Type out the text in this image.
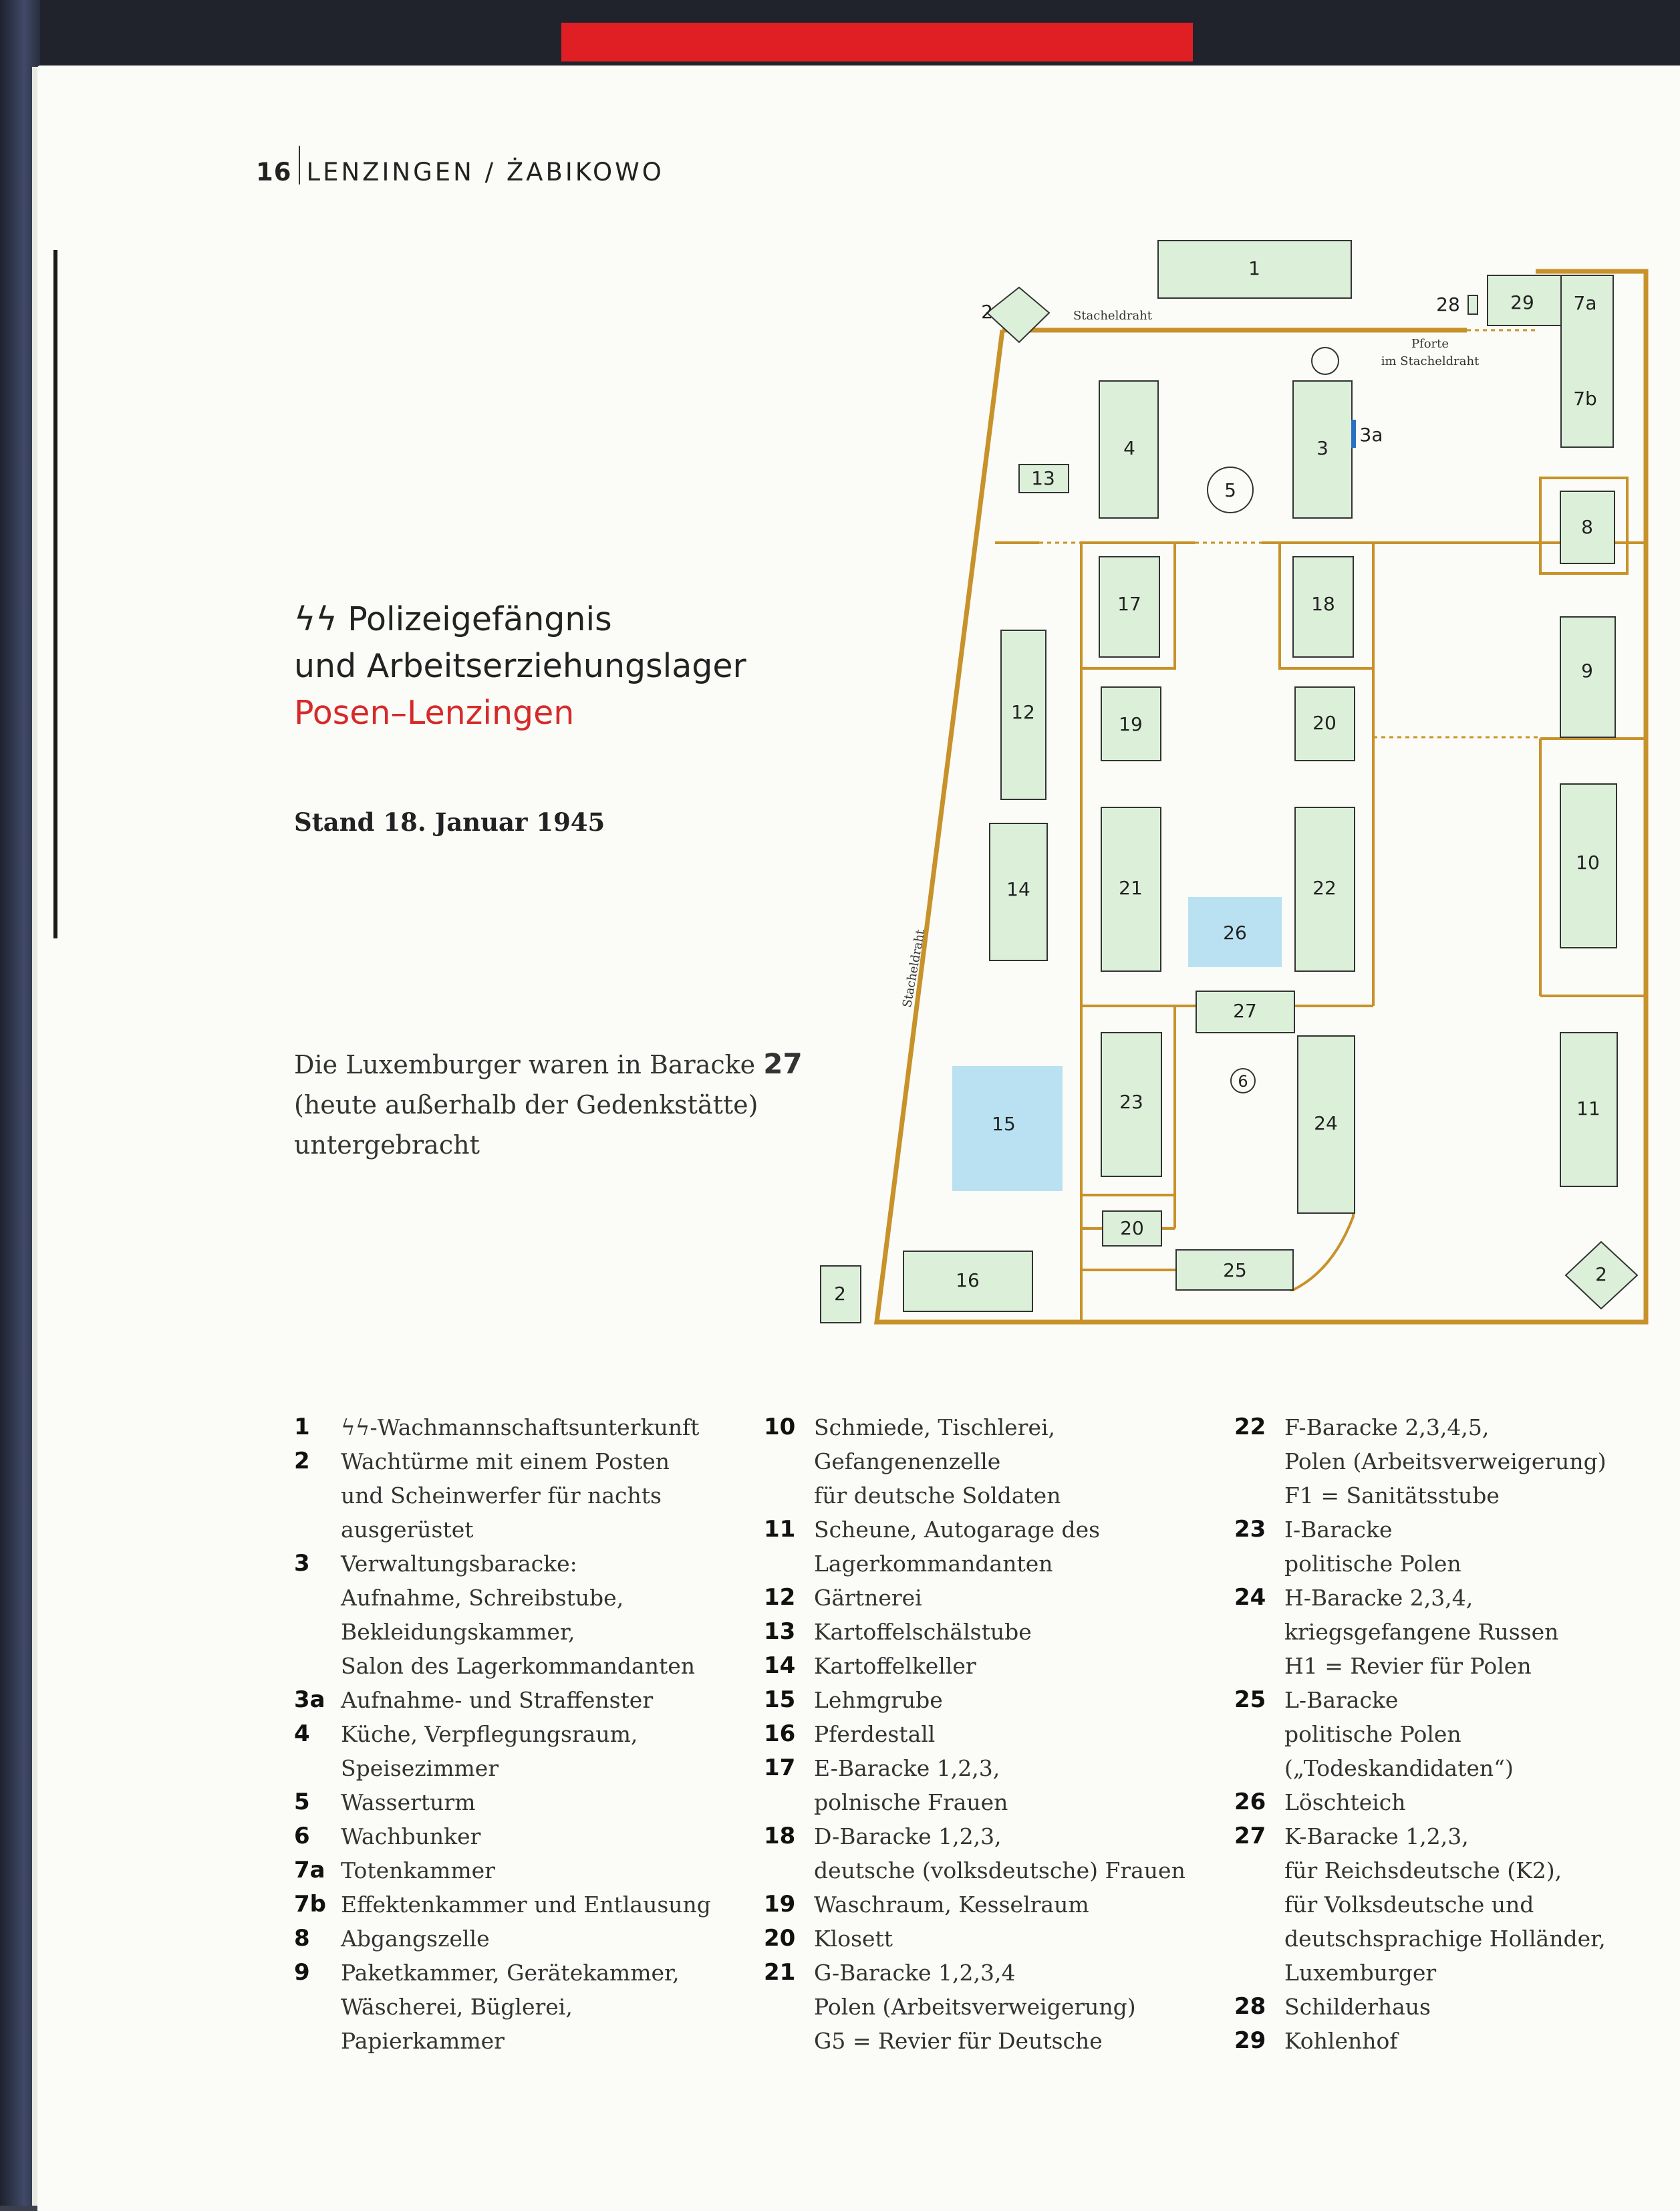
16 LENZINGEN / ŻABIKOWO
ϟϟ Polizeigefängnis
und Arbeitserziehungslager
Posen–Lenzingen
Stand 18. Januar 1945
Die Luxemburger waren in Baracke 27
(heute außerhalb der Gedenkstätte)
untergebracht
Stacheldraht
Stacheldraht
Pforte
im Stacheldraht
1
2
2
2
3
3a
4
5
6
7a
7b
8
9
10
11
12
13
14
15
16
17	18
19	20
20
21	22
23
24
25
26
27
28	29
1	ϟϟ-Wachmannschaftsunterkunft
2	Wachtürme mit einem Posten
und Scheinwerfer für nachts
ausgerüstet
3	Verwaltungsbaracke:
Aufnahme, Schreibstube,
Bekleidungskammer,
Salon des Lagerkommandanten
3a Aufnahme- und Straffenster
4	Küche, Verpflegungsraum,
Speisezimmer
5	Wasserturm
6	Wachbunker
7a Totenkammer
7b Effektenkammer und Entlausung
8	Abgangszelle
9	Paketkammer, Gerätekammer,
Wäscherei, Büglerei,
Papierkammer
10 Schmiede, Tischlerei,
Gefangenenzelle
für deutsche Soldaten
11 Scheune, Autogarage des
Lagerkommandanten
12 Gärtnerei
13 Kartoffelschälstube
14 Kartoffelkeller
15 Lehmgrube
16 Pferdestall
17 E-Baracke 1,2,3,
polnische Frauen
18 D-Baracke 1,2,3,
deutsche (volksdeutsche) Frauen
19 Waschraum, Kesselraum
20 Klosett
21 G-Baracke 1,2,3,4
Polen (Arbeitsverweigerung)
G5 = Revier für Deutsche
22 F-Baracke 2,3,4,5,
Polen (Arbeitsverweigerung)
F1 = Sanitätsstube
23 I-Baracke
politische Polen
24 H-Baracke 2,3,4,
kriegsgefangene Russen
H1 = Revier für Polen
25 L-Baracke
politische Polen
(„Todeskandidaten“)
26 Löschteich
27 K-Baracke 1,2,3,
für Reichsdeutsche (K2),
für Volksdeutsche und
deutschsprachige Holländer,
Luxemburger
28 Schilderhaus
29 Kohlenhof
